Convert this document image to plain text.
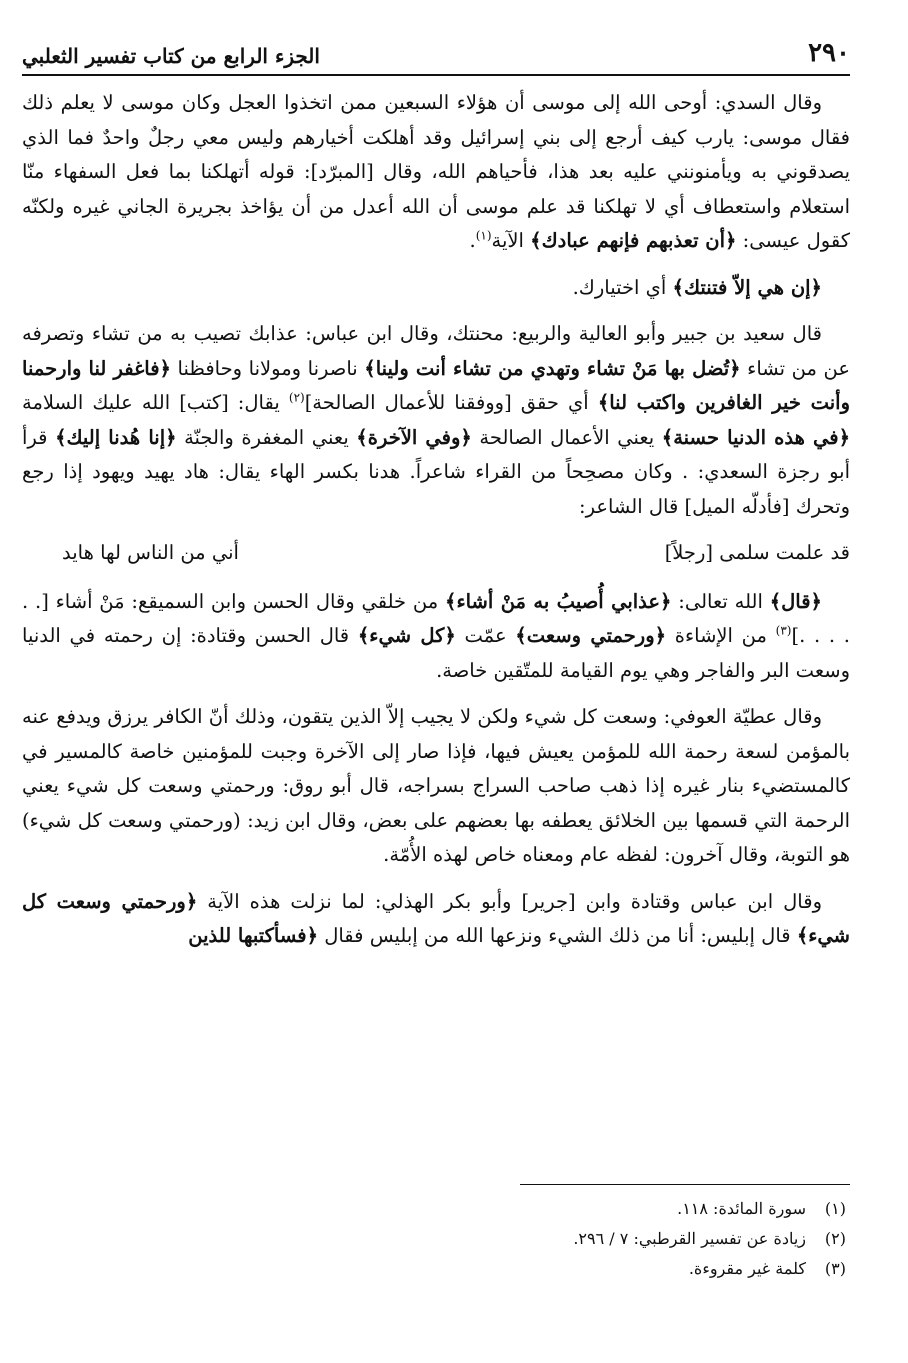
٢٩٠
الجزء الرابع من كتاب تفسير الثعلبي

وقال السدي: أوحى الله إلى موسى أن هؤلاء السبعين ممن اتخذوا العجل وكان موسى لا يعلم ذلك فقال موسى: يارب كيف أرجع إلى بني إسرائيل وقد أهلكت أخيارهم وليس معي رجلٌ واحدٌ فما الذي يصدقوني به ويأمنونني عليه بعد هذا، فأحياهم الله، وقال [المبرّد]: قوله أتهلكنا بما فعل السفهاء منّا استعلام واستعطاف أي لا تهلكنا قد علم موسى أن الله أعدل من أن يؤاخذ بجريرة الجاني غيره ولكنّه كقول عيسى: ﴿أن تعذبهم فإنهم عبادك﴾ الآية$^{(١)}$.

﴿إن هي إلاّ فتنتك﴾ أي اختيارك.

قال سعيد بن جبير وأبو العالية والربيع: محنتك، وقال ابن عباس: عذابك تصيب به من تشاء وتصرفه عن من تشاء ﴿تُضل بها مَنْ تشاء وتهدي من تشاء أنت ولينا﴾ ناصرنا ومولانا وحافظنا ﴿فاغفر لنا وارحمنا وأنت خير الغافرين واكتب لنا﴾ أي حقق [ووفقنا للأعمال الصالحة]$^{(٢)}$ يقال: [كتب] الله عليك السلامة ﴿في هذه الدنيا حسنة﴾ يعني الأعمال الصالحة ﴿وفي الآخرة﴾ يعني المغفرة والجنّة ﴿إنا هُدنا إليك﴾ قرأ أبو رجزة السعدي: . وكان مصحِحاً من القراء شاعراً. هدنا بكسر الهاء يقال: هاد يهيد ويهود إذا رجع وتحرك [فأدلّه الميل] قال الشاعر:

قد علمت سلمى [رجلاً]
أني من الناس لها هايد

﴿قال﴾ الله تعالى: ﴿عذابي أُصيبُ به مَنْ أشاء﴾ من خلقي وقال الحسن وابن السميقع: مَنْ أشاء [. . . . . .]$^{(٣)}$ من الإشاءة ﴿ورحمتي وسعت﴾ عمّت ﴿كل شيء﴾ قال الحسن وقتادة: إن رحمته في الدنيا وسعت البر والفاجر وهي يوم القيامة للمتّقين خاصة.

وقال عطيّة العوفي: وسعت كل شيء ولكن لا يجيب إلاّ الذين يتقون، وذلك أنّ الكافر يرزق ويدفع عنه بالمؤمن لسعة رحمة الله للمؤمن يعيش فيها، فإذا صار إلى الآخرة وجبت للمؤمنين خاصة كالمسير في كالمستضيء بنار غيره إذا ذهب صاحب السراج بسراجه، قال أبو روق: ورحمتي وسعت كل شيء يعني الرحمة التي قسمها بين الخلائق يعطفه بها بعضهم على بعض، وقال ابن زيد: (ورحمتي وسعت كل شيء) هو التوبة، وقال آخرون: لفظه عام ومعناه خاص لهذه الأُمّة.

وقال ابن عباس وقتادة وابن [جرير] وأبو بكر الهذلي: لما نزلت هذه الآية ﴿ورحمتي وسعت كل شيء﴾ قال إبليس: أنا من ذلك الشيء ونزعها الله من إبليس فقال ﴿فسأكتبها للذين

(١)
سورة المائدة: ١١٨.
(٢)
زيادة عن تفسير القرطبي: ٧ / ٢٩٦.
(٣)
كلمة غير مقروءة.
